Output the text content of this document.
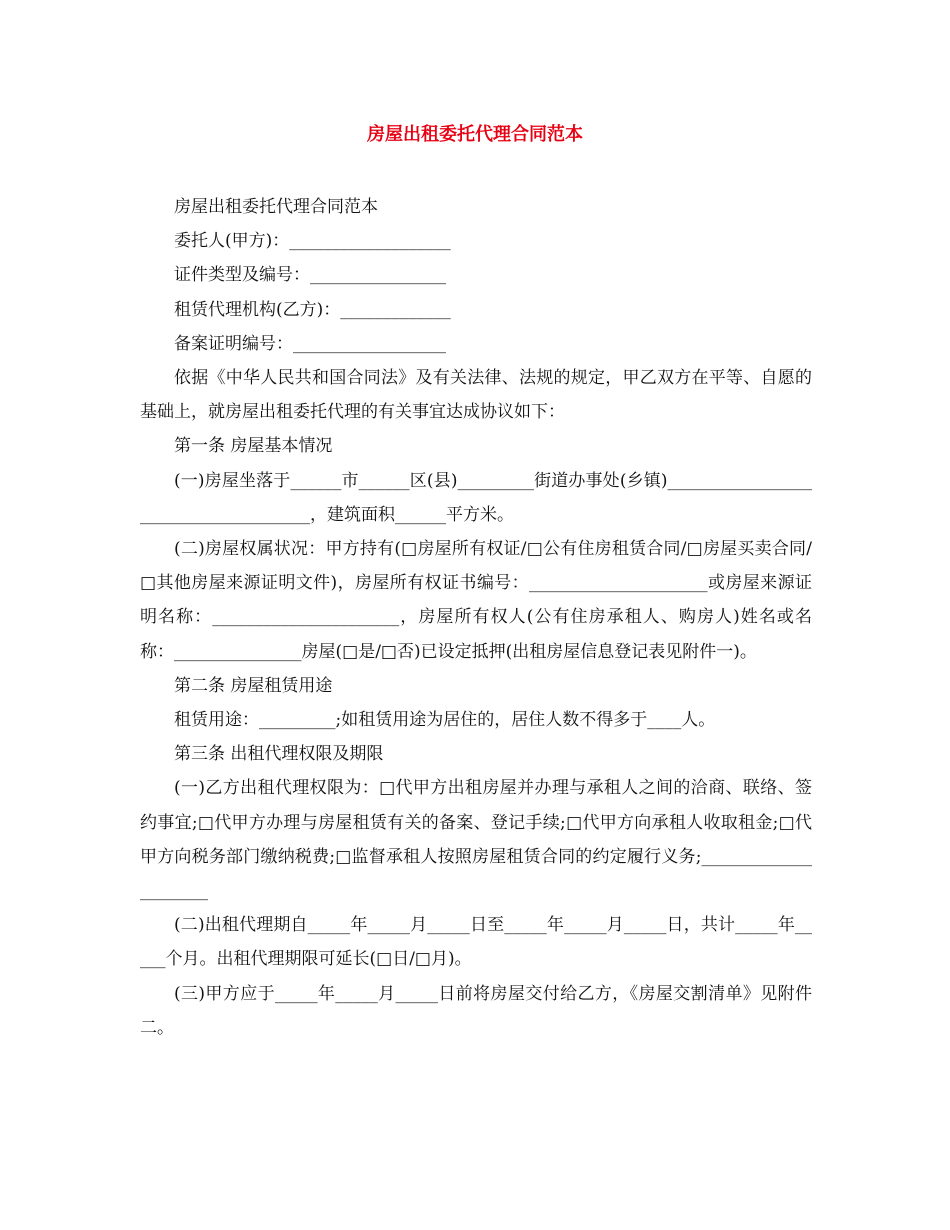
房屋出租委托代理合同范本

房屋出租委托代理合同范本

委托人(甲方)：___________________

证件类型及编号：________________

租赁代理机构(乙方)：_____________

备案证明编号：__________________

依据《中华人民共和国合同法》及有关法律、法规的规定，甲乙双方在平等、自愿的基础上，就房屋出租委托代理的有关事宜达成协议如下：

第一条 房屋基本情况

(一)房屋坐落于______市______区(县)_________街道办事处(乡镇)_____________________________________，建筑面积______平方米。

(二)房屋权属状况：甲方持有(□房屋所有权证/□公有住房租赁合同/□房屋买卖合同/□其他房屋来源证明文件)，房屋所有权证书编号：_____________________或房屋来源证明名称：______________________，房屋所有权人(公有住房承租人、购房人)姓名或名称：_______________房屋(□是/□否)已设定抵押(出租房屋信息登记表见附件一)。

第二条 房屋租赁用途

租赁用途：_________;如租赁用途为居住的，居住人数不得多于____人。

第三条 出租代理权限及期限

(一)乙方出租代理权限为：□代甲方出租房屋并办理与承租人之间的洽商、联络、签约事宜;□代甲方办理与房屋租赁有关的备案、登记手续;□代甲方向承租人收取租金;□代甲方向税务部门缴纳税费;□监督承租人按照房屋租赁合同的约定履行义务;_____________________

(二)出租代理期自_____年_____月_____日至_____年_____月_____日，共计_____年_____个月。出租代理期限可延长(□日/□月)。

(三)甲方应于_____年_____月_____日前将房屋交付给乙方，《房屋交割清单》见附件二。
